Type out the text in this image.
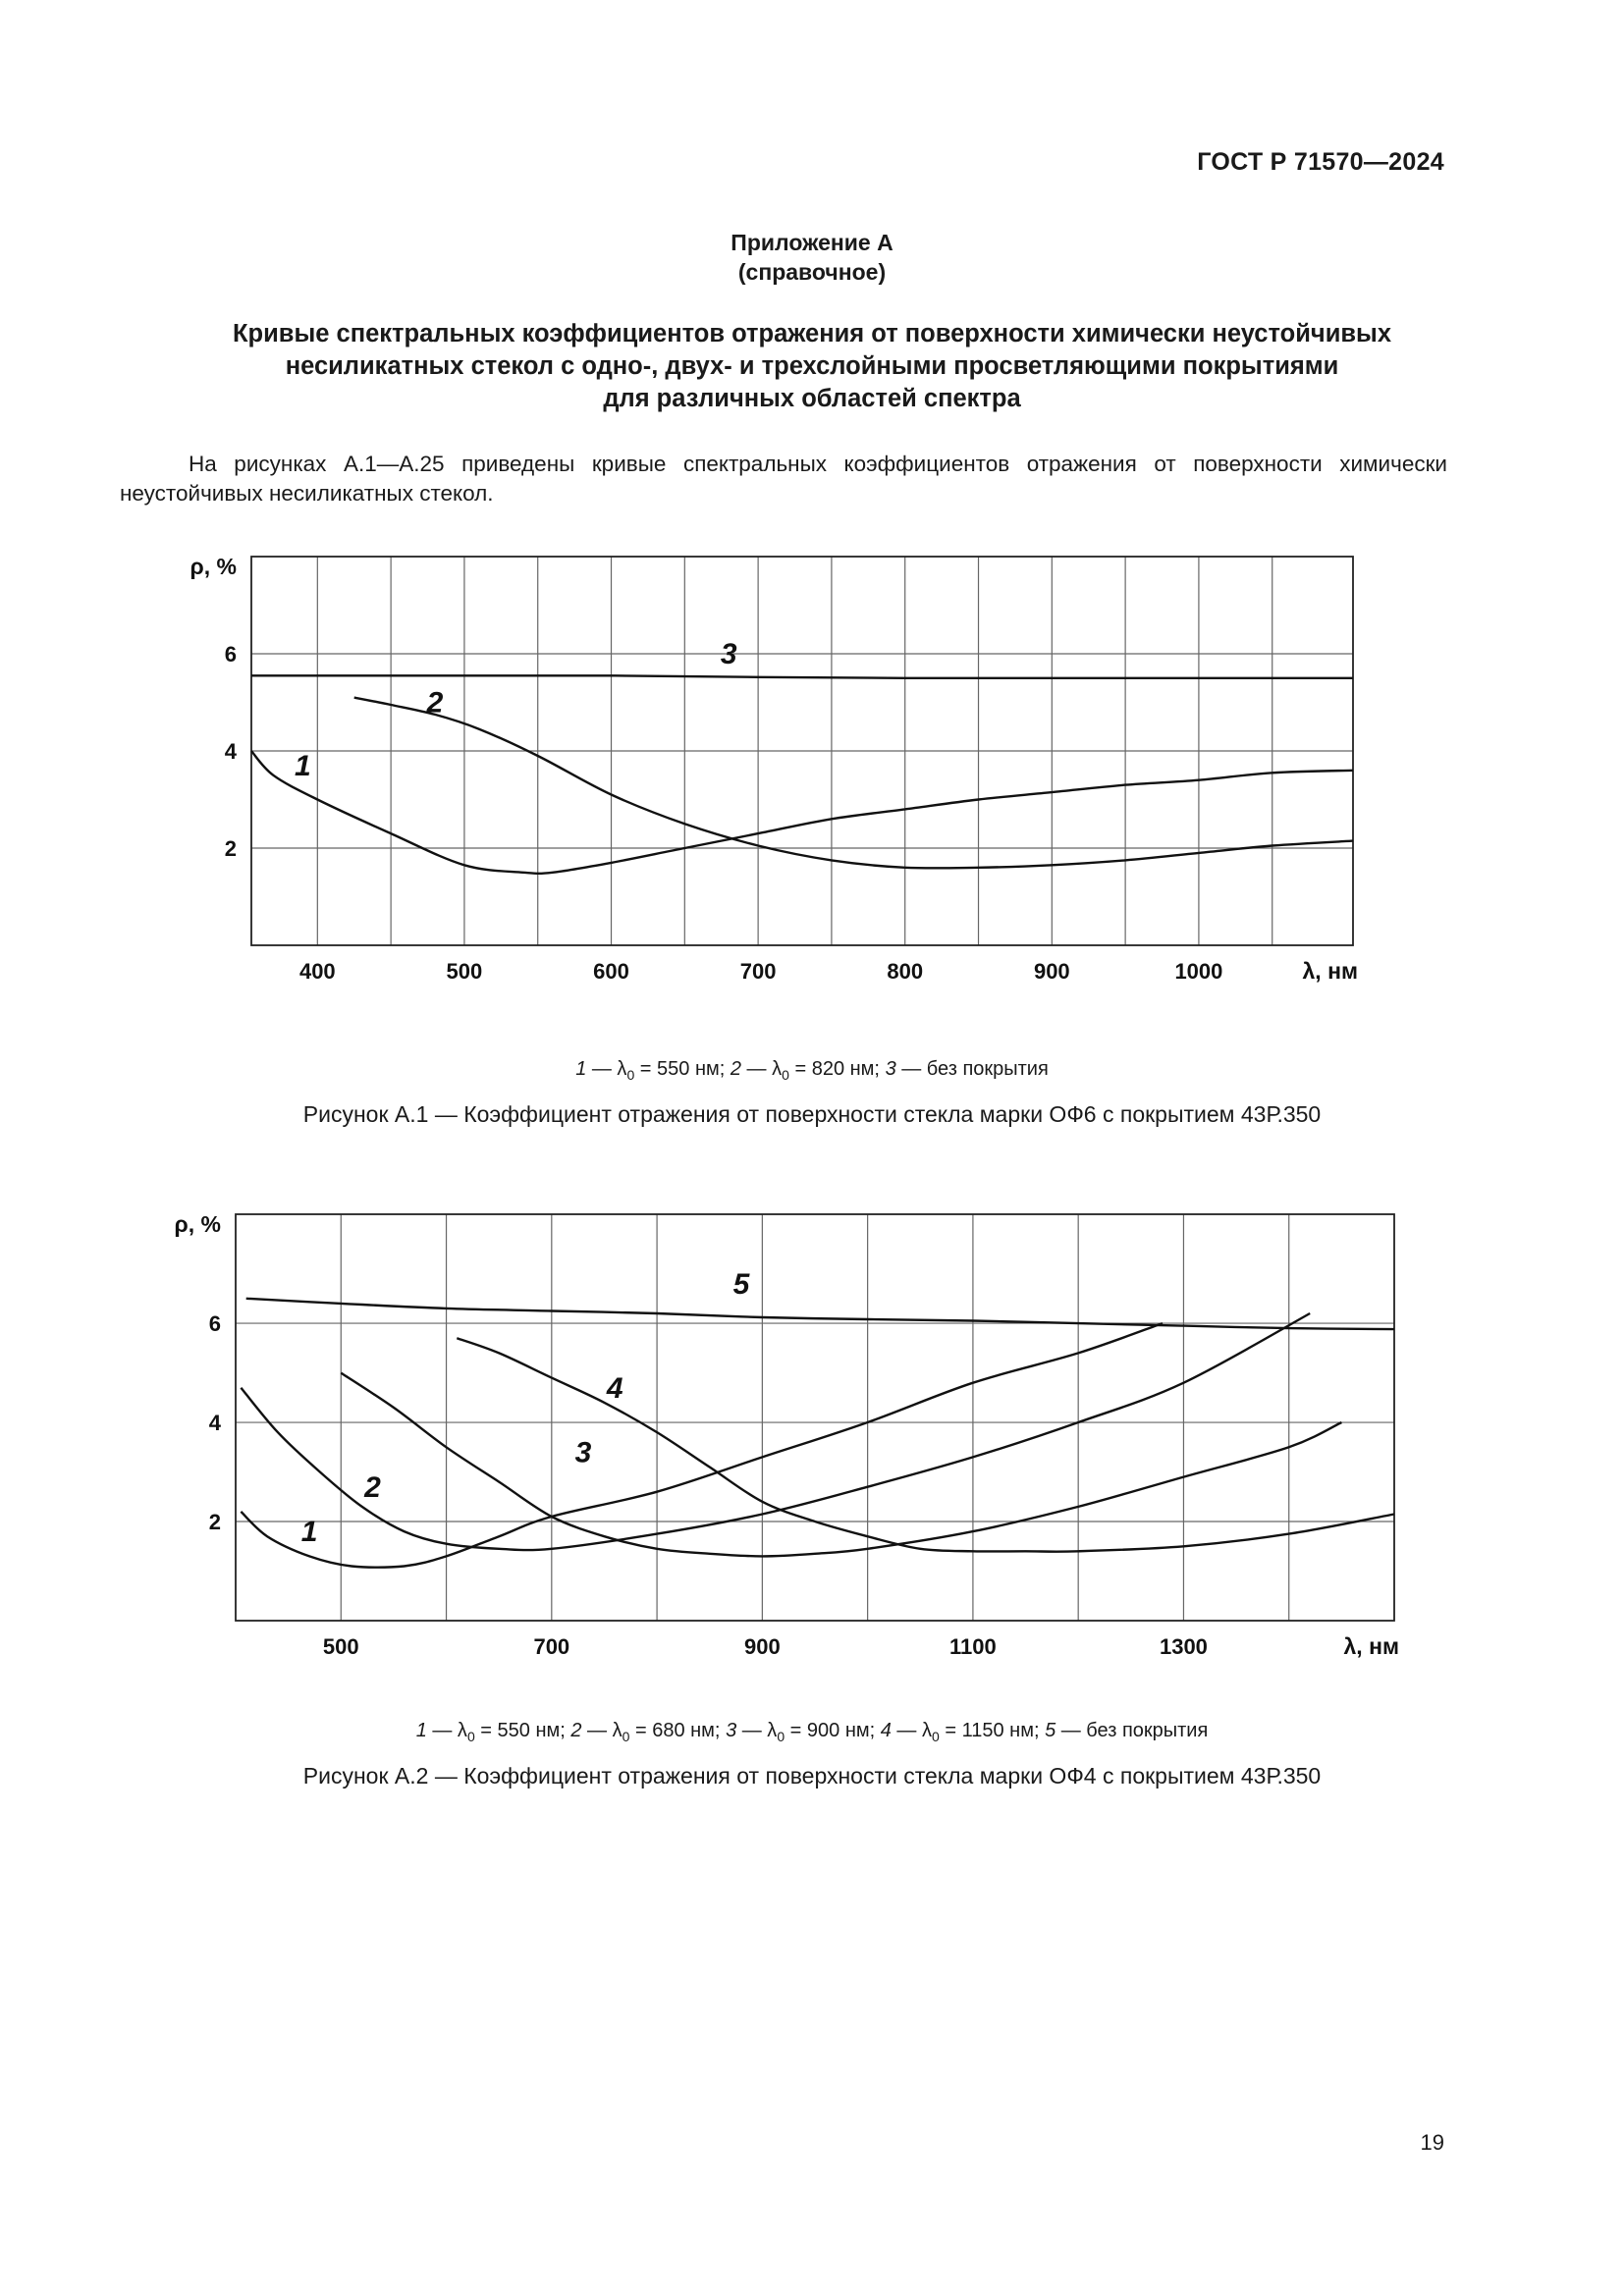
ГОСТ Р 71570—2024
Приложение А
(справочное)
Кривые спектральных коэффициентов отражения от поверхности химически неустойчивых
несиликатных стекол с одно-, двух- и трехслойными просветляющими покрытиями
для различных областей спектра
На рисунках А.1—А.25 приведены кривые спектральных коэффициентов отражения от поверхности химически неустойчивых несиликатных стекол.
1
2
3
2
4
6
400	500	600	700	800	900	1000
ρ, %
λ, нм
1 — $\lambda_0 = 550$ нм; 2 — $\lambda_0 = 820$ нм; 3 — без покрытия
Рисунок А.1 — Коэффициент отражения от поверхности стекла марки ОФ6 с покрытием 43Р.350
1
2
3
4
5
2
4
6
500	700	900	1100	1300
ρ, %
λ, нм
1 — $\lambda_0 = 550$ нм; 2 — $\lambda_0 = 680$ нм; 3 — $\lambda_0 = 900$ нм; 4 — $\lambda_0 = 1150$ нм; 5 — без покрытия
Рисунок А.2 — Коэффициент отражения от поверхности стекла марки ОФ4 с покрытием 43Р.350
19
